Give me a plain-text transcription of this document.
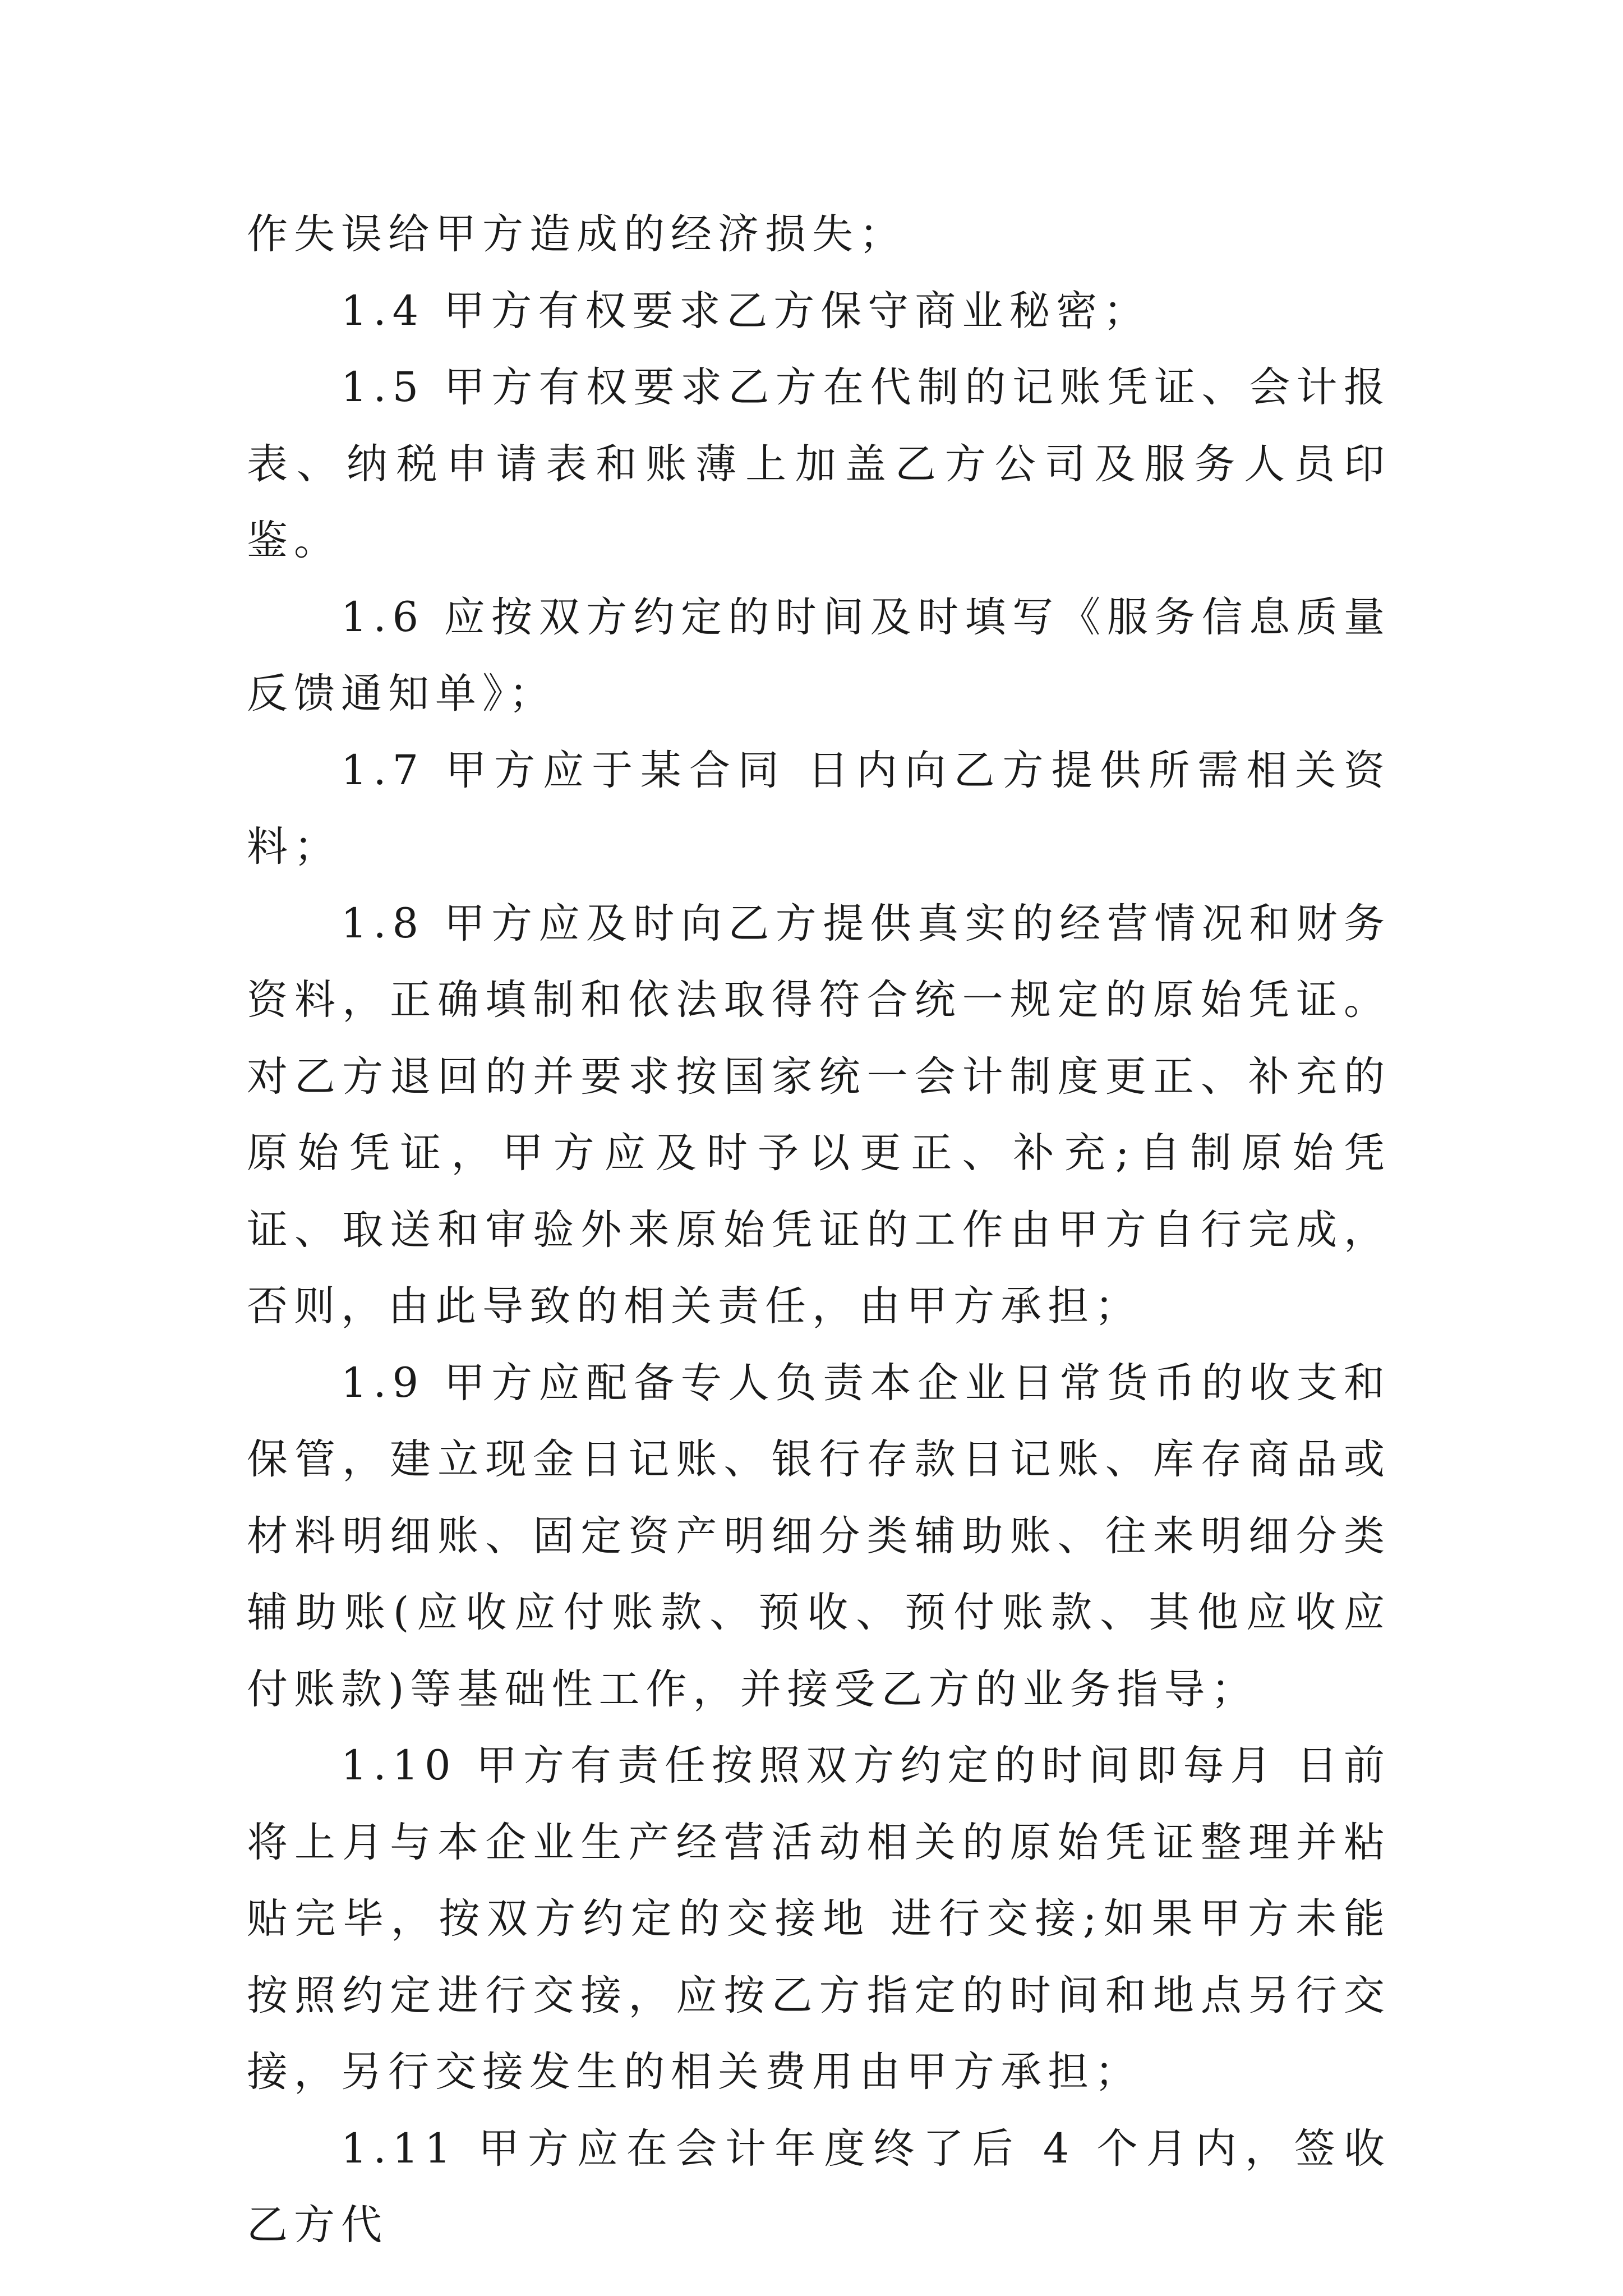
作失误给甲方造成的经济损失；

1.4 甲方有权要求乙方保守商业秘密；

1.5 甲方有权要求乙方在代制的记账凭证、会计报表、纳税申请表和账薄上加盖乙方公司及服务人员印鉴。

1.6 应按双方约定的时间及时填写《服务信息质量反馈通知单》；

1.7 甲方应于某合同 日内向乙方提供所需相关资料；

1.8 甲方应及时向乙方提供真实的经营情况和财务资料，正确填制和依法取得符合统一规定的原始凭证。对乙方退回的并要求按国家统一会计制度更正、补充的原始凭证，甲方应及时予以更正、补充;自制原始凭证、取送和审验外来原始凭证的工作由甲方自行完成，否则，由此导致的相关责任，由甲方承担；

1.9 甲方应配备专人负责本企业日常货币的收支和保管，建立现金日记账、银行存款日记账、库存商品或材料明细账、固定资产明细分类辅助账、往来明细分类辅助账(应收应付账款、预收、预付账款、其他应收应付账款)等基础性工作，并接受乙方的业务指导；

1.10 甲方有责任按照双方约定的时间即每月 日前将上月与本企业生产经营活动相关的原始凭证整理并粘贴完毕，按双方约定的交接地 进行交接;如果甲方未能按照约定进行交接，应按乙方指定的时间和地点另行交接，另行交接发生的相关费用由甲方承担；

1.11 甲方应在会计年度终了后 4 个月内，签收乙方代
